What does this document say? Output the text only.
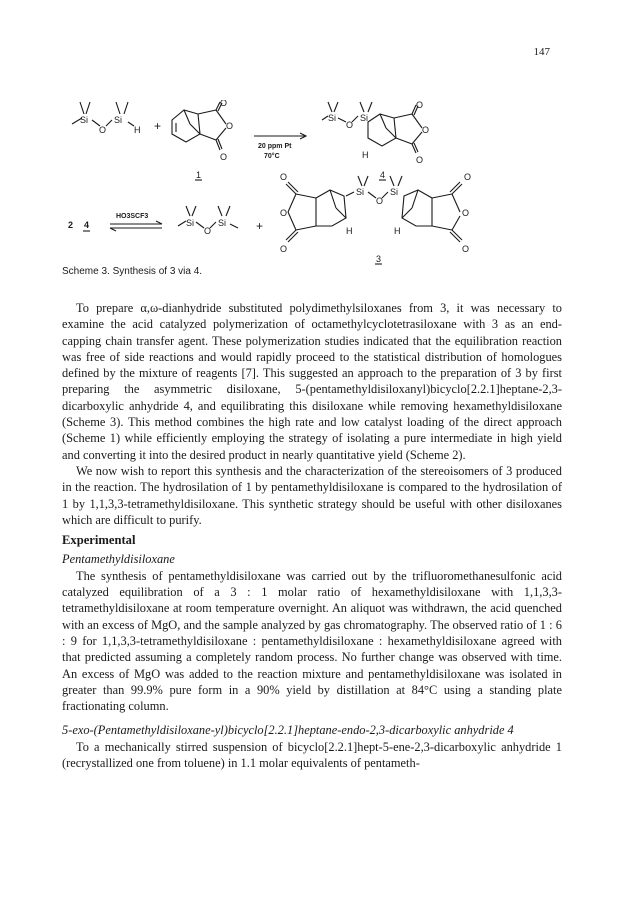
147
Si
O
Si
H +
O
O
O
1
20 ppm Pt
70°C
Si
O
Si
O
O
O
H
4
2 4
HO3SCF3
Si
O
Si +
O
O
O
H
Si
O
Si
O
O
O
H
3
Scheme 3. Synthesis of 3 via 4.

To prepare α,ω-dianhydride substituted polydimethylsiloxanes from 3, it was necessary to examine the acid catalyzed polymerization of octamethylcyclotetrasiloxane with 3 as an end-capping chain transfer agent. These polymerization studies indicated that the equilibration reaction was free of side reactions and would rapidly proceed to the statistical distribution of homologues defined by the mixture of reagents [7]. This suggested an approach to the preparation of 3 by first preparing the asymmetric disiloxane, 5-(pentamethyldisiloxanyl)bicyclo[2.2.1]heptane-2,3-dicarboxylic anhydride 4, and equilibrating this disiloxane while removing hexamethyldisiloxane (Scheme 3). This method combines the high rate and low catalyst loading of the direct approach (Scheme 1) while efficiently employing the strategy of isolating a pure intermediate in high yield and converting it into the desired product in nearly quantitative yield (Scheme 2).

We now wish to report this synthesis and the characterization of the stereoisomers of 3 produced in the reaction. The hydrosilation of 1 by pentamethyldisiloxane is compared to the hydrosilation of 1 by 1,1,3,3-tetramethyldisiloxane. This synthetic strategy should be useful with other disiloxanes which are difficult to purify.

Experimental
Pentamethyldisiloxane

The synthesis of pentamethyldisiloxane was carried out by the trifluoromethanesulfonic acid catalyzed equilibration of a 3 : 1 molar ratio of hexamethyldisiloxane with 1,1,3,3-tetramethyldisiloxane at room temperature overnight. An aliquot was withdrawn, the acid quenched with an excess of MgO, and the sample analyzed by gas chromatography. The observed ratio of 1 : 6 : 9 for 1,1,3,3-tetramethyldisiloxane : pentamethyldisiloxane : hexamethyldisiloxane agreed with that predicted assuming a completely random process. No further change was observed with time. An excess of MgO was added to the reaction mixture and pentamethyldisiloxane was isolated in greater than 99.9% pure form in a 90% yield by distillation at 84°C using a standing plate fractionating column.

5-exo-(Pentamethyldisiloxane-yl)bicyclo[2.2.1]heptane-endo-2,3-dicarboxylic anhydride 4

To a mechanically stirred suspension of bicyclo[2.2.1]hept-5-ene-2,3-dicarboxylic anhydride 1 (recrystallized one from toluene) in 1.1 molar equivalents of pentameth-
